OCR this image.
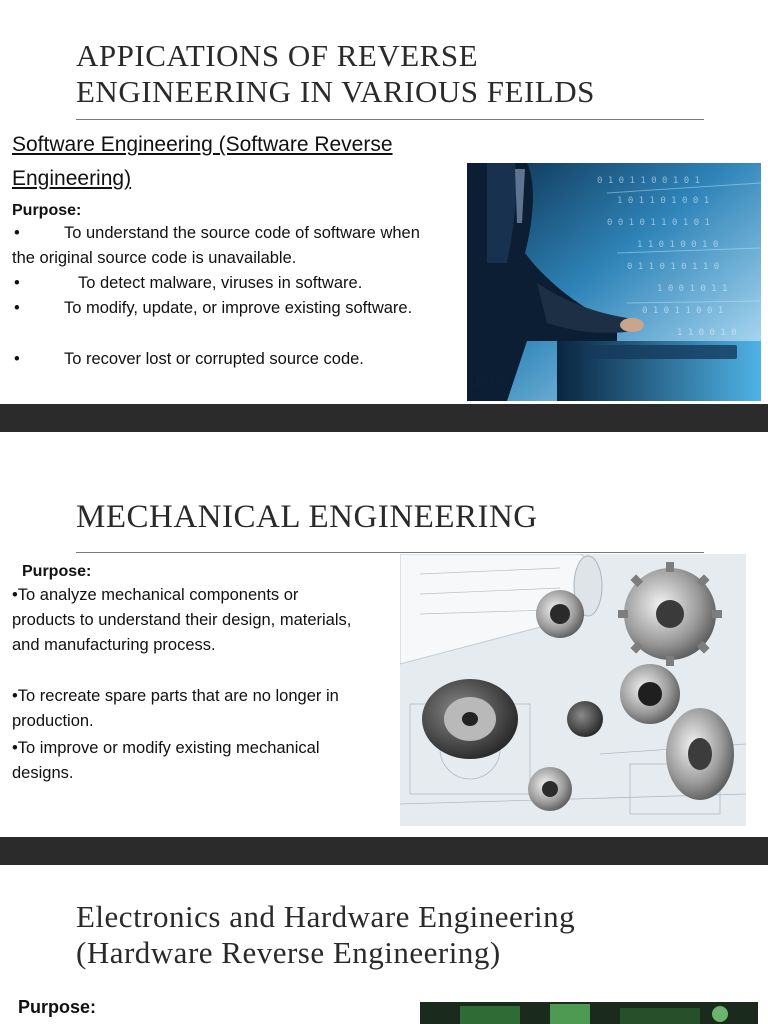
APPICATIONS OF REVERSE
ENGINEERING IN VARIOUS FEILDS
Software Engineering (Software Reverse
Engineering)
Purpose:
•	To understand the source code of software when
the original source code is unavailable.
•	To detect malware, viruses in software.
•	To modify, update, or improve existing software.
•	To recover lost or corrupted source code.
0 1 0 1 1 0 0 1 0 1
1 0 1 1 0 1 0 0 1
0 0 1 0 1 1 0 1 0 1
1 1 0 1 0 0 1 0
0 1 1 0 1 0 1 1 0
1 0 0 1 0 1 1
0 1 0 1 1 0 0 1
1 1 0 0 1 0
JESSUP
MECHANICAL ENGINEERING
Purpose:
•To analyze mechanical components or
products to understand their design, materials,
and manufacturing process.
•To recreate spare parts that are no longer in
production.
•To improve or modify existing mechanical
designs.
Electronics and Hardware Engineering
(Hardware Reverse Engineering)
Purpose:
